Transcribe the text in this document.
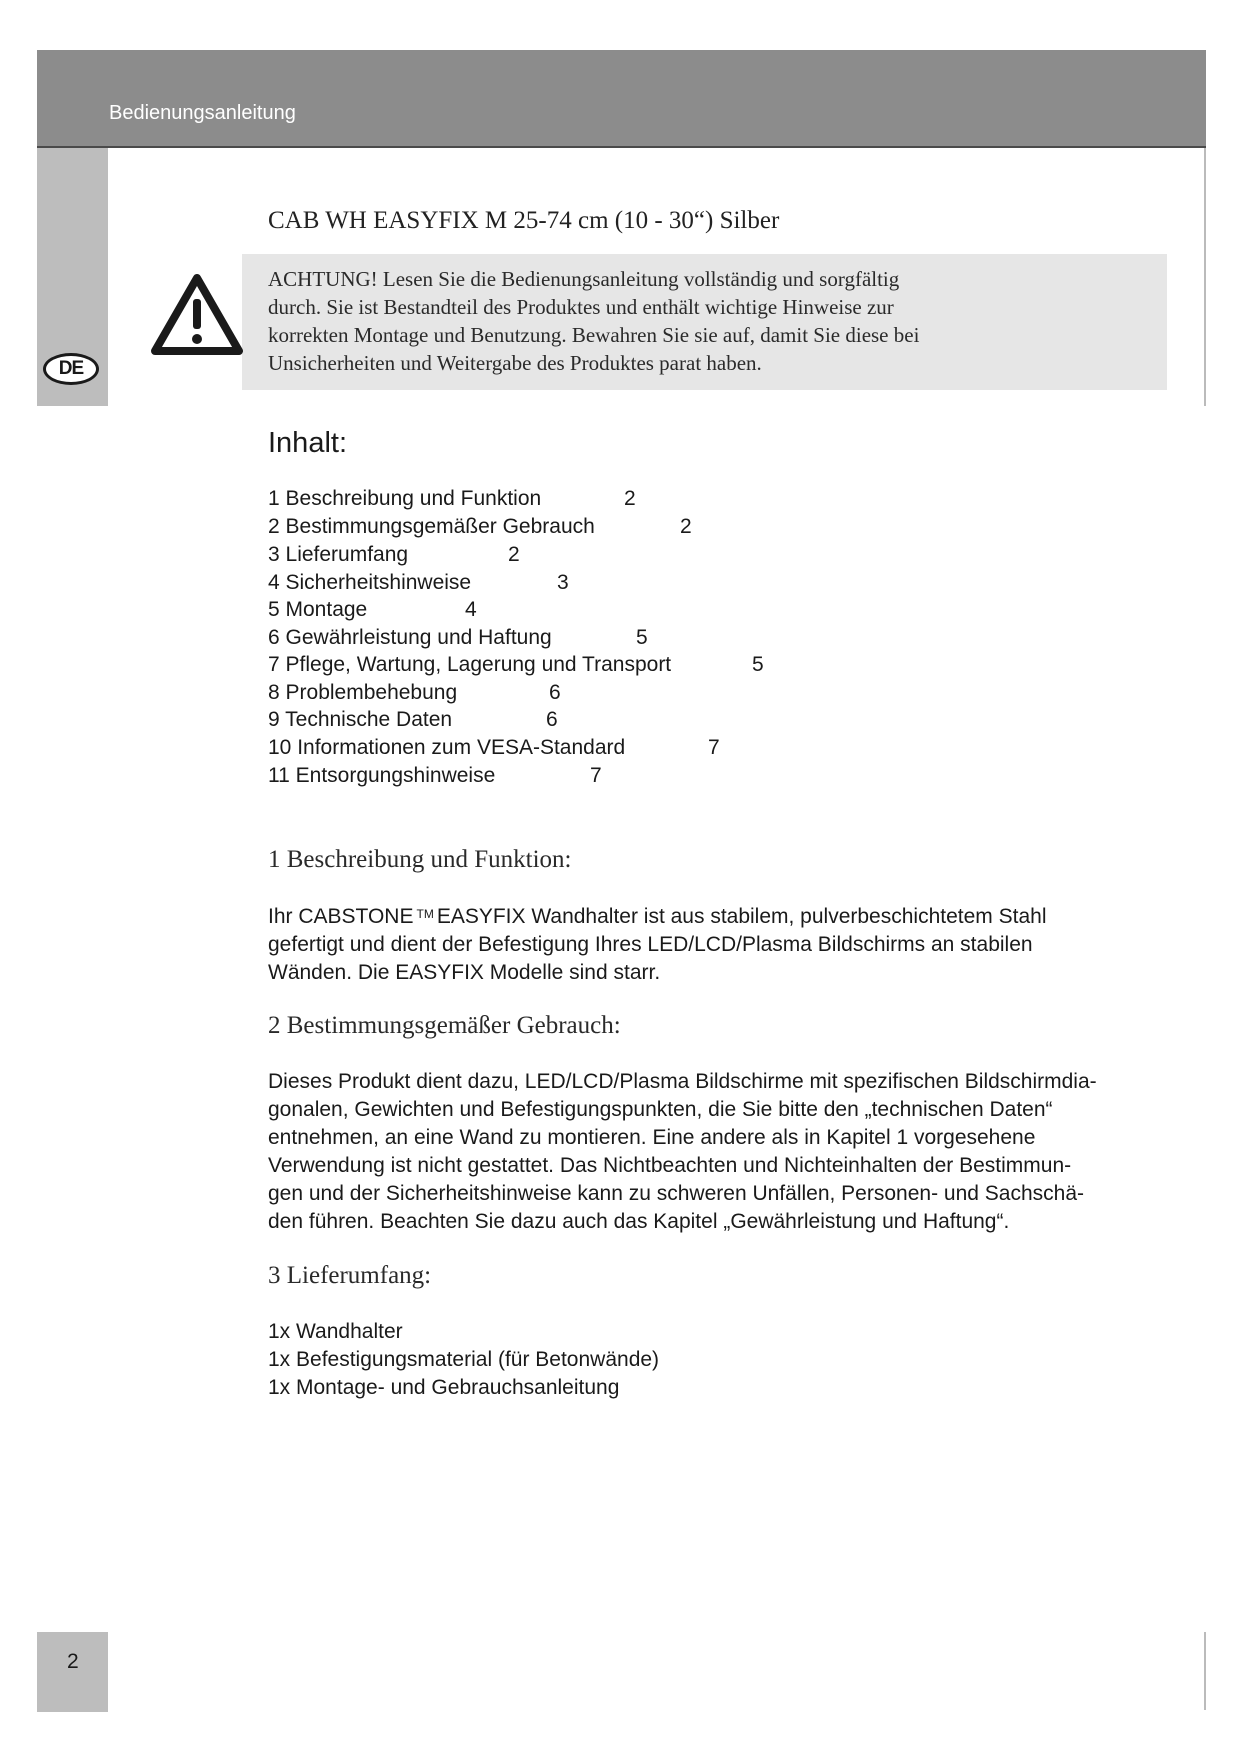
Bedienungsanleitung
DE
CAB WH EASYFIX M 25-74 cm (10 - 30“) Silber
ACHTUNG! Lesen Sie die Bedienungsanleitung vollständig und sorgfältig
durch. Sie ist Bestandteil des Produktes und enthält wichtige Hinweise zur
korrekten Montage und Benutzung. Bewahren Sie sie auf, damit Sie diese bei
Unsicherheiten und Weitergabe des Produktes parat haben.
Inhalt:
1 Beschreibung und Funktion	2
2 Bestimmungsgemäßer Gebrauch	2
3 Lieferumfang	2
4 Sicherheitshinweise	3
5 Montage	4
6 Gewährleistung und Haftung	5
7 Pflege, Wartung, Lagerung und Transport	5
8 Problembehebung	6
9 Technische Daten	6
10 Informationen zum VESA-Standard	7
11 Entsorgungshinweise	7
1 Beschreibung und Funktion:
Ihr CABSTONE ™ EASYFIX Wandhalter ist aus stabilem, pulverbeschichtetem Stahl
gefertigt und dient der Befestigung Ihres LED/LCD/Plasma Bildschirms an stabilen
Wänden. Die EASYFIX Modelle sind starr.
2 Bestimmungsgemäßer Gebrauch:
Dieses Produkt dient dazu, LED/LCD/Plasma Bildschirme mit spezifischen Bildschirmdia-
gonalen, Gewichten und Befestigungspunkten, die Sie bitte den „technischen Daten“
entnehmen, an eine Wand zu montieren. Eine andere als in Kapitel 1 vorgesehene
Verwendung ist nicht gestattet. Das Nichtbeachten und Nichteinhalten der Bestimmun-
gen und der Sicherheitshinweise kann zu schweren Unfällen, Personen- und Sachschä-
den führen. Beachten Sie dazu auch das Kapitel „Gewährleistung und Haftung“.
3 Lieferumfang:
1x Wandhalter
1x Befestigungsmaterial (für Betonwände)
1x Montage- und Gebrauchsanleitung
2
